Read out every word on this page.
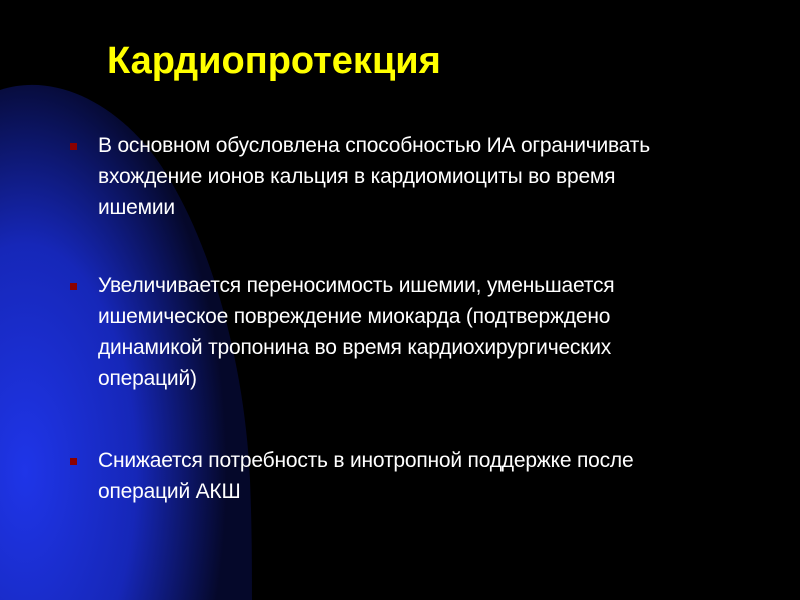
Кардиопротекция
В основном обусловлена способностью ИА ограничивать вхождение ионов кальция в кардиомиоциты во время ишемии
Увеличивается переносимость ишемии, уменьшается ишемическое повреждение миокарда (подтверждено динамикой тропонина во время кардиохирургических операций)
Снижается потребность в инотропной поддержке после операций АКШ
